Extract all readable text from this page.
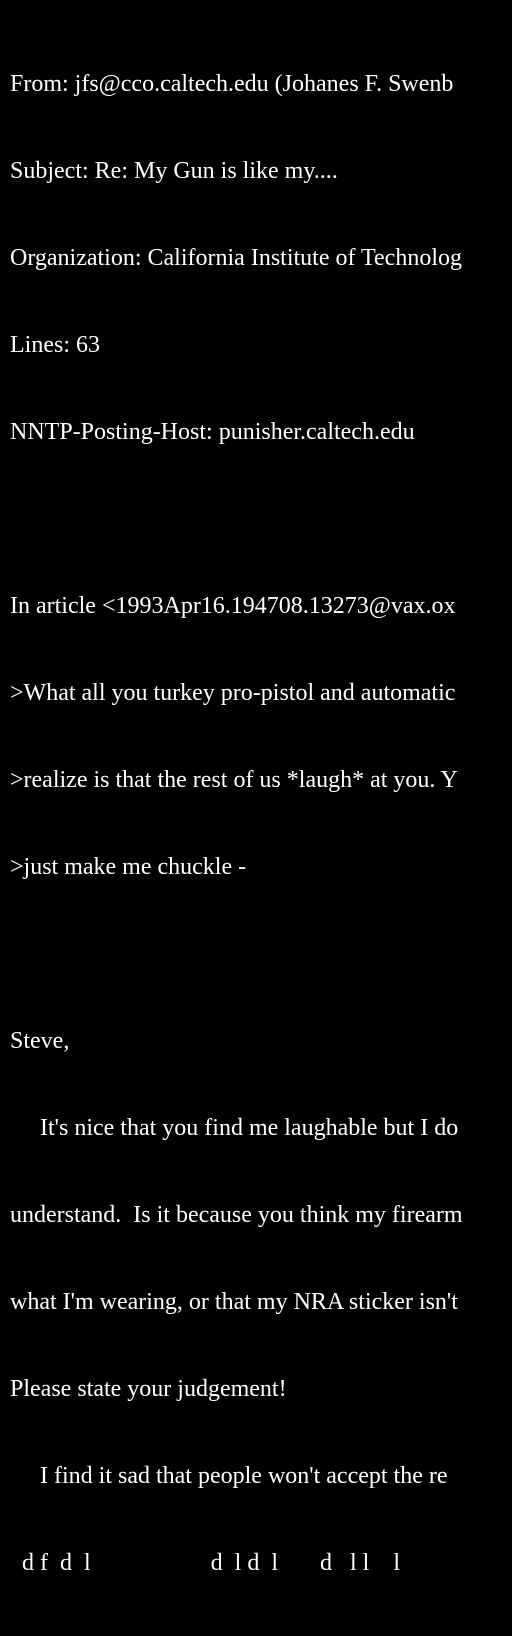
From: jfs@cco.caltech.edu (Johanes F. Swenb

Subject: Re: My Gun is like my....

Organization: California Institute of Technolog

Lines: 63

NNTP-Posting-Host: punisher.caltech.edu

In article <1993Apr16.194708.13273@vax.ox

>What all you turkey pro-pistol and automatic

>realize is that the rest of us *laugh* at you. Y

>just make me chuckle -

Steve,

It's nice that you find me laughable but I do

understand.  Is it because you think my firearm

what I'm wearing, or that my NRA sticker isn't

Please state your judgement!

I find it sad that people won't accept the re

d f  d  l                    d  l d  l       d   l l    l
